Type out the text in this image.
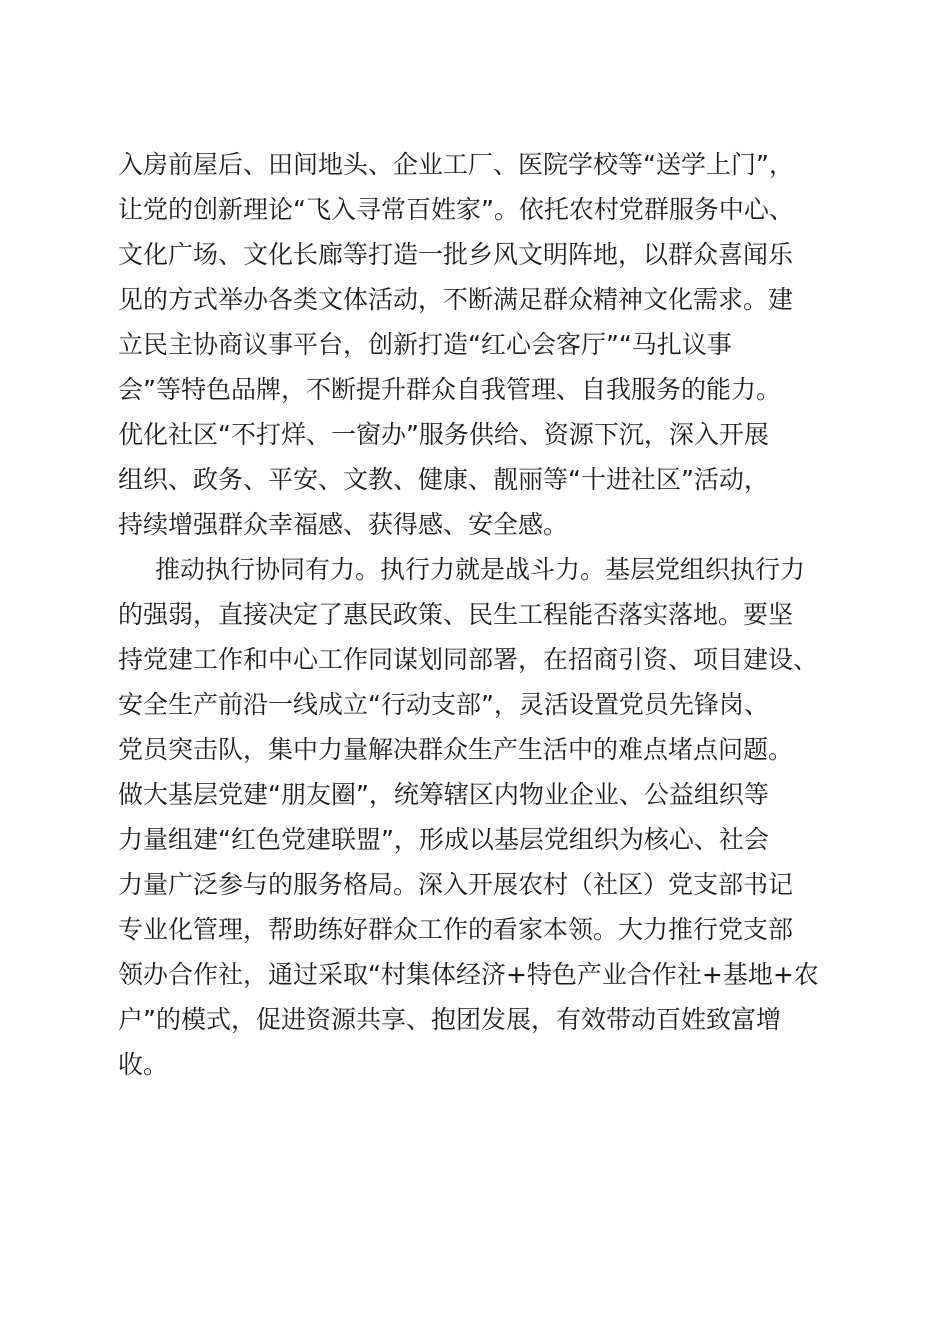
入房前屋后、田间地头、企业工厂、医院学校等“送学上门”，

让党的创新理论“飞入寻常百姓家”。依托农村党群服务中心、

文化广场、文化长廊等打造一批乡风文明阵地，以群众喜闻乐

见的方式举办各类文体活动，不断满足群众精神文化需求。建

立民主协商议事平台，创新打造“红心会客厅”“马扎议事

会”等特色品牌，不断提升群众自我管理、自我服务的能力。

优化社区“不打烊、一窗办”服务供给、资源下沉，深入开展

组织、政务、平安、文教、健康、靓丽等“十进社区”活动，

持续增强群众幸福感、获得感、安全感。

推动执行协同有力。执行力就是战斗力。基层党组织执行力

的强弱，直接决定了惠民政策、民生工程能否落实落地。要坚

持党建工作和中心工作同谋划同部署，在招商引资、项目建设、

安全生产前沿一线成立“行动支部”，灵活设置党员先锋岗、

党员突击队，集中力量解决群众生产生活中的难点堵点问题。

做大基层党建“朋友圈”，统筹辖区内物业企业、公益组织等

力量组建“红色党建联盟”，形成以基层党组织为核心、社会

力量广泛参与的服务格局。深入开展农村（社区）党支部书记

专业化管理，帮助练好群众工作的看家本领。大力推行党支部

领办合作社，通过采取“村集体经济+特色产业合作社+基地+农

户”的模式，促进资源共享、抱团发展，有效带动百姓致富增

收。
